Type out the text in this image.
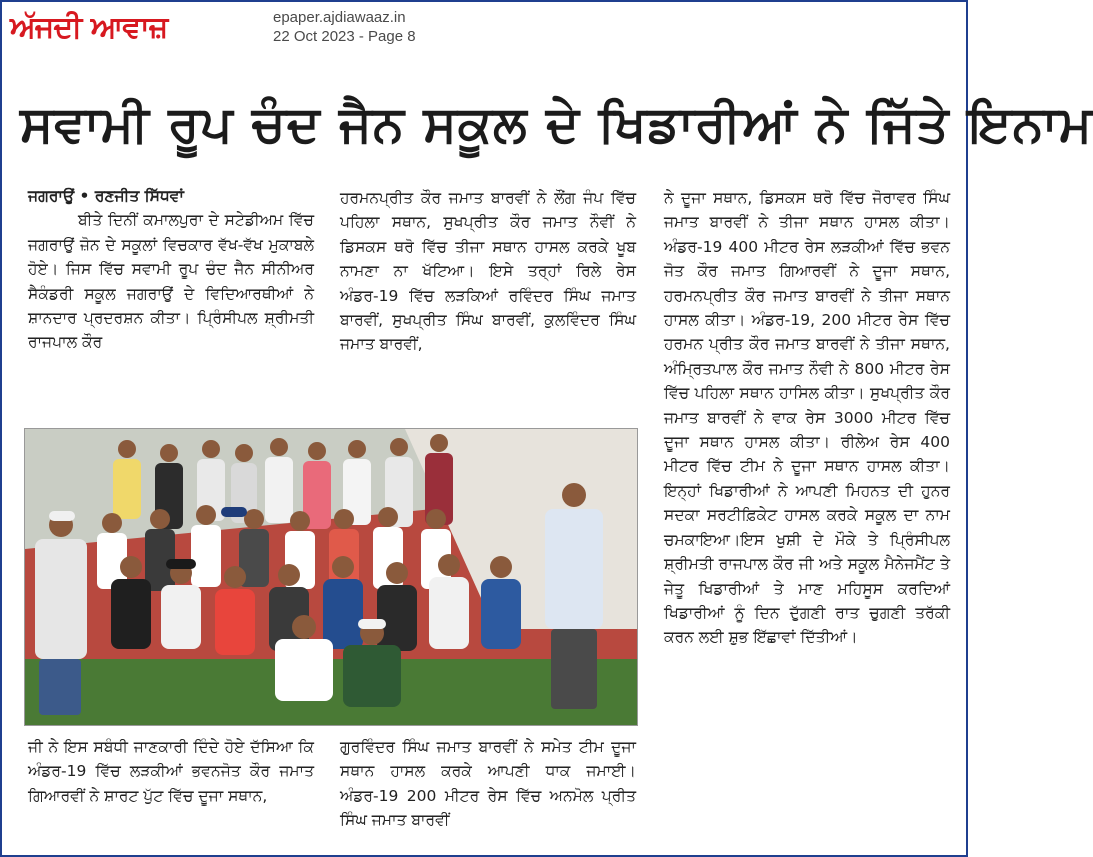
ਅੱਜਦੀ ਆਵਾਜ਼	epaper.ajdiawaaz.in
22 Oct 2023 - Page 8
ਸਵਾਮੀ ਰੂਪ ਚੰਦ ਜੈਨ ਸਕੂਲ ਦੇ ਖਿਡਾਰੀਆਂ ਨੇ ਜਿੱਤੇ ਇਨਾਮ

ਜਗਰਾਉਂ • ਰਣਜੀਤ ਸਿੱਧਵਾਂ
ਬੀਤੇ ਦਿਨੀਂ ਕਮਾਲਪੁਰਾ ਦੇ ਸਟੇਡੀਅਮ ਵਿੱਚ ਜਗਰਾਉਂ ਜ਼ੋਨ ਦੇ ਸਕੂਲਾਂ ਵਿਚਕਾਰ ਵੱਖ-ਵੱਖ ਮੁਕਾਬਲੇ ਹੋਏ। ਜਿਸ ਵਿੱਚ ਸਵਾਮੀ ਰੂਪ ਚੰਦ ਜੈਨ ਸੀਨੀਅਰ ਸੈਕੰਡਰੀ ਸਕੂਲ ਜਗਰਾਉਂ ਦੇ ਵਿਦਿਆਰਥੀਆਂ ਨੇ ਸ਼ਾਨਦਾਰ ਪ੍ਰਦਰਸ਼ਨ ਕੀਤਾ। ਪ੍ਰਿੰਸੀਪਲ ਸ਼੍ਰੀਮਤੀ ਰਾਜਪਾਲ ਕੌਰ

ਹਰਮਨਪ੍ਰੀਤ ਕੌਰ ਜਮਾਤ ਬਾਰਵੀਂ ਨੇ ਲੌਂਗ ਜੰਪ ਵਿੱਚ ਪਹਿਲਾ ਸਥਾਨ, ਸੁਖਪ੍ਰੀਤ ਕੌਰ ਜਮਾਤ ਨੌਵੀਂ ਨੇ ਡਿਸਕਸ ਥਰੋ ਵਿੱਚ ਤੀਜਾ ਸਥਾਨ ਹਾਸਲ ਕਰਕੇ ਖੂਬ ਨਾਮਣਾ ਨਾ ਖੱਟਿਆ। ਇਸੇ ਤਰ੍ਹਾਂ ਰਿਲੇ ਰੇਸ ਅੰਡਰ-19 ਵਿੱਚ ਲੜਕਿਆਂ ਰਵਿੰਦਰ ਸਿੰਘ ਜਮਾਤ ਬਾਰਵੀਂ, ਸੁਖਪ੍ਰੀਤ ਸਿੰਘ ਬਾਰਵੀਂ, ਕੁਲਵਿੰਦਰ ਸਿੰਘ ਜਮਾਤ ਬਾਰਵੀਂ,

ਨੇ ਦੂਜਾ ਸਥਾਨ, ਡਿਸਕਸ ਥਰੋ ਵਿੱਚ ਜੋਰਾਵਰ ਸਿੰਘ ਜਮਾਤ ਬਾਰਵੀਂ ਨੇ ਤੀਜਾ ਸਥਾਨ ਹਾਸਲ ਕੀਤਾ। ਅੰਡਰ-19 400 ਮੀਟਰ ਰੇਸ ਲੜਕੀਆਂ ਵਿੱਚ ਭਵਨ ਜੋਤ ਕੌਰ ਜਮਾਤ ਗਿਆਰਵੀਂ ਨੇ ਦੂਜਾ ਸਥਾਨ, ਹਰਮਨਪ੍ਰੀਤ ਕੌਰ ਜਮਾਤ ਬਾਰਵੀਂ ਨੇ ਤੀਜਾ ਸਥਾਨ ਹਾਸਲ ਕੀਤਾ। ਅੰਡਰ-19, 200 ਮੀਟਰ ਰੇਸ ਵਿੱਚ ਹਰਮਨ ਪ੍ਰੀਤ ਕੌਰ ਜਮਾਤ ਬਾਰਵੀਂ ਨੇ ਤੀਜਾ ਸਥਾਨ, ਅੰਮ੍ਰਿਤਪਾਲ ਕੌਰ ਜਮਾਤ ਨੌਵੀ ਨੇ 800 ਮੀਟਰ ਰੇਸ ਵਿੱਚ ਪਹਿਲਾ ਸਥਾਨ ਹਾਸਿਲ ਕੀਤਾ। ਸੁਖਪ੍ਰੀਤ ਕੌਰ ਜਮਾਤ ਬਾਰਵੀਂ ਨੇ ਵਾਕ ਰੇਸ 3000 ਮੀਟਰ ਵਿੱਚ ਦੂਜਾ ਸਥਾਨ ਹਾਸਲ ਕੀਤਾ। ਰੀਲੇਅ ਰੇਸ 400 ਮੀਟਰ ਵਿੱਚ ਟੀਮ ਨੇ ਦੂਜਾ ਸਥਾਨ ਹਾਸਲ ਕੀਤਾ। ਇਨ੍ਹਾਂ ਖਿਡਾਰੀਆਂ ਨੇ ਆਪਣੀ ਮਿਹਨਤ ਦੀ ਹੁਨਰ ਸਦਕਾ ਸਰਟੀਫ਼ਿਕੇਟ ਹਾਸਲ ਕਰਕੇ ਸਕੂਲ ਦਾ ਨਾਮ ਚਮਕਾਇਆ।ਇਸ ਖੁਸ਼ੀ ਦੇ ਮੌਕੇ ਤੇ ਪ੍ਰਿੰਸੀਪਲ ਸ਼੍ਰੀਮਤੀ ਰਾਜਪਾਲ ਕੌਰ ਜੀ ਅਤੇ ਸਕੂਲ ਮੈਨੇਜਮੈਂਟ ਤੇ ਜੇਤੂ ਖਿਡਾਰੀਆਂ ਤੇ ਮਾਣ ਮਹਿਸੂਸ ਕਰਦਿਆਂ ਖਿਡਾਰੀਆਂ ਨੂੰ ਦਿਨ ਦੁੱਗਣੀ ਰਾਤ ਚੁਗਣੀ ਤਰੱਕੀ ਕਰਨ ਲਈ ਸ਼ੁਭ ਇੱਛਾਵਾਂ ਦਿੱਤੀਆਂ।

ਜੀ ਨੇ ਇਸ ਸਬੰਧੀ ਜਾਣਕਾਰੀ ਦਿੰਦੇ ਹੋਏ ਦੱਸਿਆ ਕਿ ਅੰਡਰ-19 ਵਿੱਚ ਲੜਕੀਆਂ ਭਵਨਜੋਤ ਕੌਰ ਜਮਾਤ ਗਿਆਰਵੀਂ ਨੇ ਸ਼ਾਰਟ ਪੁੱਟ ਵਿੱਚ ਦੂਜਾ ਸਥਾਨ,

ਗੁਰਵਿੰਦਰ ਸਿੰਘ ਜਮਾਤ ਬਾਰਵੀਂ ਨੇ ਸਮੇਤ ਟੀਮ ਦੂਜਾ ਸਥਾਨ ਹਾਸਲ ਕਰਕੇ ਆਪਣੀ ਧਾਕ ਜਮਾਈ। ਅੰਡਰ-19 200 ਮੀਟਰ ਰੇਸ ਵਿੱਚ ਅਨਮੋਲ ਪ੍ਰੀਤ ਸਿੰਘ ਜਮਾਤ ਬਾਰਵੀਂ
